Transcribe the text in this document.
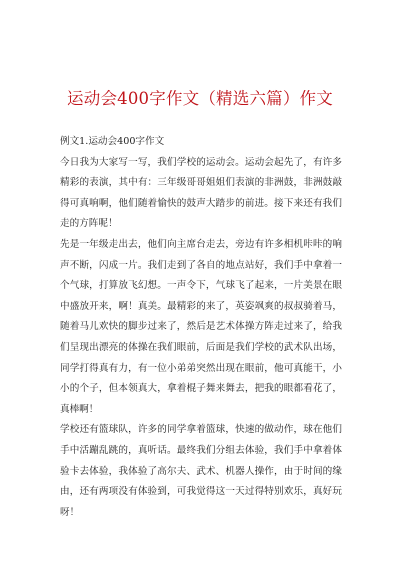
运动会400字作文（精选六篇）作文

例文1.运动会400字作文

今日我为大家写一写，我们学校的运动会。运动会起先了，有许多精彩的表演，其中有：三年级哥哥姐姐们表演的非洲鼓，非洲鼓敲得可真响啊，他们随着愉快的鼓声大踏步的前进。接下来还有我们走的方阵呢！

先是一年级走出去，他们向主席台走去，旁边有许多相机咔咔的响声不断，闪成一片。我们走到了各自的地点站好，我们手中拿着一个气球，打算放飞幻想。一声令下，气球飞了起来，一片美景在眼中盛放开来，啊！真美。最精彩的来了，英姿飒爽的叔叔骑着马，随着马儿欢快的脚步过来了，然后是艺术体操方阵走过来了，给我们呈现出漂亮的体操在我们眼前，后面是我们学校的武术队出场，同学打得真有力，有一位小弟弟突然出现在眼前，他可真能干，小小的个子，但本领真大，拿着棍子舞来舞去，把我的眼都看花了，真棒啊！

学校还有篮球队，许多的同学拿着篮球，快速的做动作，球在他们手中活蹦乱跳的，真听话。最终我们分组去体验，我们手中拿着体验卡去体验，我体验了高尔夫、武术、机器人操作，由于时间的缘由，还有两项没有体验到，可我觉得这一天过得特别欢乐，真好玩呀！
